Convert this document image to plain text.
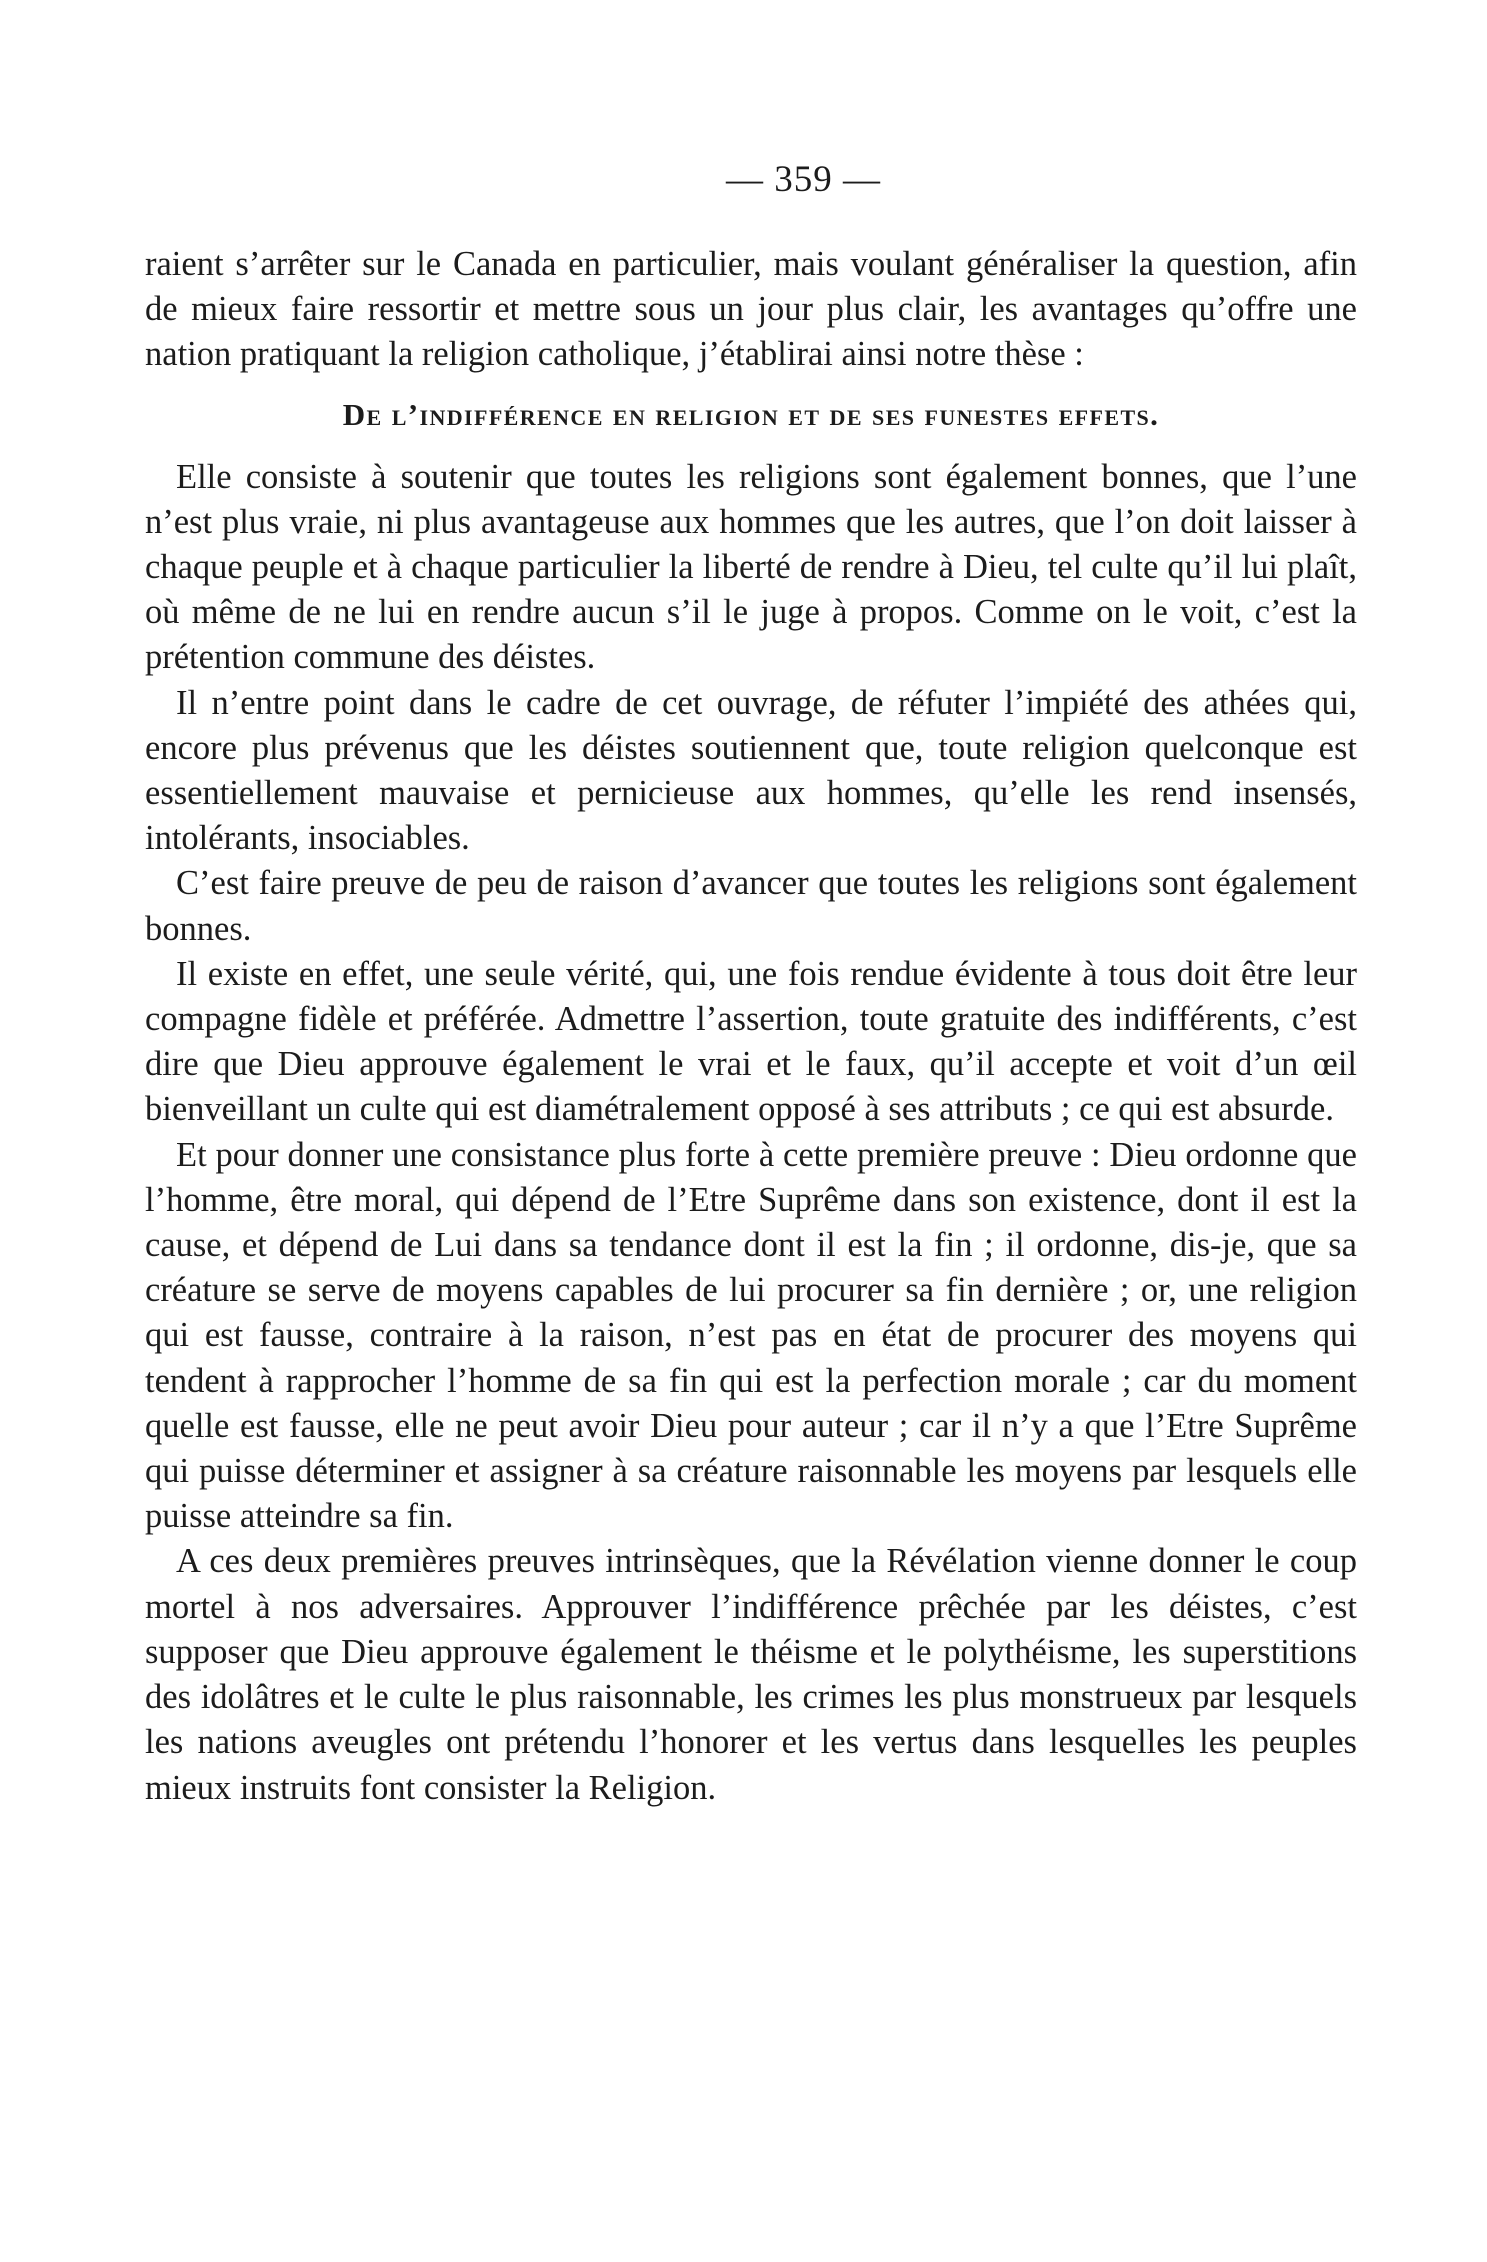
— 359 —

raient s’arrêter sur le Canada en particulier, mais voulant généraliser la question, afin de mieux faire ressortir et mettre sous un jour plus clair, les avantages qu’offre une nation pratiquant la religion catholique, j’établirai ainsi notre thèse :

De l’indifférence en religion et de ses funestes effets.

Elle consiste à soutenir que toutes les religions sont également bonnes, que l’une n’est plus vraie, ni plus avantageuse aux hommes que les autres, que l’on doit laisser à chaque peuple et à chaque particulier la liberté de rendre à Dieu, tel culte qu’il lui plaît, où même de ne lui en rendre aucun s’il le juge à propos. Comme on le voit, c’est la prétention commune des déistes.

Il n’entre point dans le cadre de cet ouvrage, de réfuter l’impiété des athées qui, encore plus prévenus que les déistes soutiennent que, toute religion quelconque est essentiellement mauvaise et pernicieuse aux hommes, qu’elle les rend insensés, intolérants, insociables.

C’est faire preuve de peu de raison d’avancer que toutes les religions sont également bonnes.

Il existe en effet, une seule vérité, qui, une fois rendue évidente à tous doit être leur compagne fidèle et préférée. Admettre l’assertion, toute gratuite des indifférents, c’est dire que Dieu approuve également le vrai et le faux, qu’il accepte et voit d’un œil bienveillant un culte qui est diamétralement opposé à ses attributs ; ce qui est absurde.

Et pour donner une consistance plus forte à cette première preuve : Dieu ordonne que l’homme, être moral, qui dépend de l’Etre Suprême dans son existence, dont il est la cause, et dépend de Lui dans sa tendance dont il est la fin ; il ordonne, dis-je, que sa créature se serve de moyens capables de lui procurer sa fin dernière ; or, une religion qui est fausse, contraire à la raison, n’est pas en état de procurer des moyens qui tendent à rapprocher l’homme de sa fin qui est la perfection morale ; car du moment quelle est fausse, elle ne peut avoir Dieu pour auteur ; car il n’y a que l’Etre Suprême qui puisse déterminer et assigner à sa créature raisonnable les moyens par lesquels elle puisse atteindre sa fin.

A ces deux premières preuves intrinsèques, que la Révélation vienne donner le coup mortel à nos adversaires. Approuver l’indifférence prêchée par les déistes, c’est supposer que Dieu approuve également le théisme et le polythéisme, les superstitions des idolâtres et le culte le plus raisonnable, les crimes les plus monstrueux par lesquels les nations aveugles ont prétendu l’honorer et les vertus dans lesquelles les peuples mieux instruits font consister la Religion.
